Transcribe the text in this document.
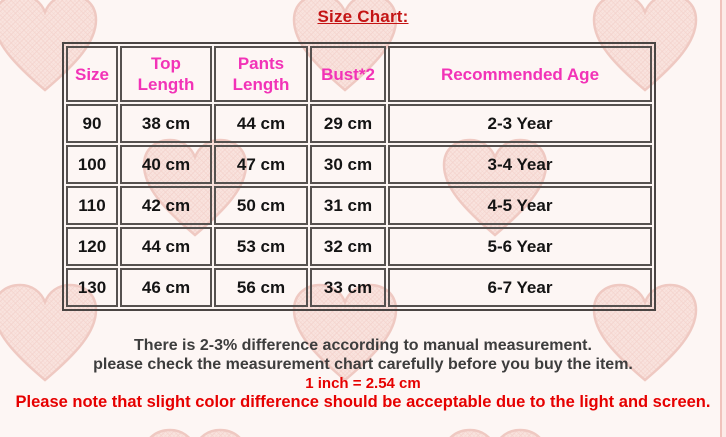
Size Chart:
Size	Top Length	Pants Length	Bust*2	Recommended Age
90	38 cm	44 cm	29 cm	2-3 Year
100	40 cm	47 cm	30 cm	3-4 Year
110	42 cm	50 cm	31 cm	4-5 Year
120	44 cm	53 cm	32 cm	5-6 Year
130	46 cm	56 cm	33 cm	6-7 Year

There is 2-3% difference according to manual measurement.

please check the measurement chart carefully before you buy the item.

1 inch = 2.54 cm

Please note that slight color difference should be acceptable due to the light and screen.
